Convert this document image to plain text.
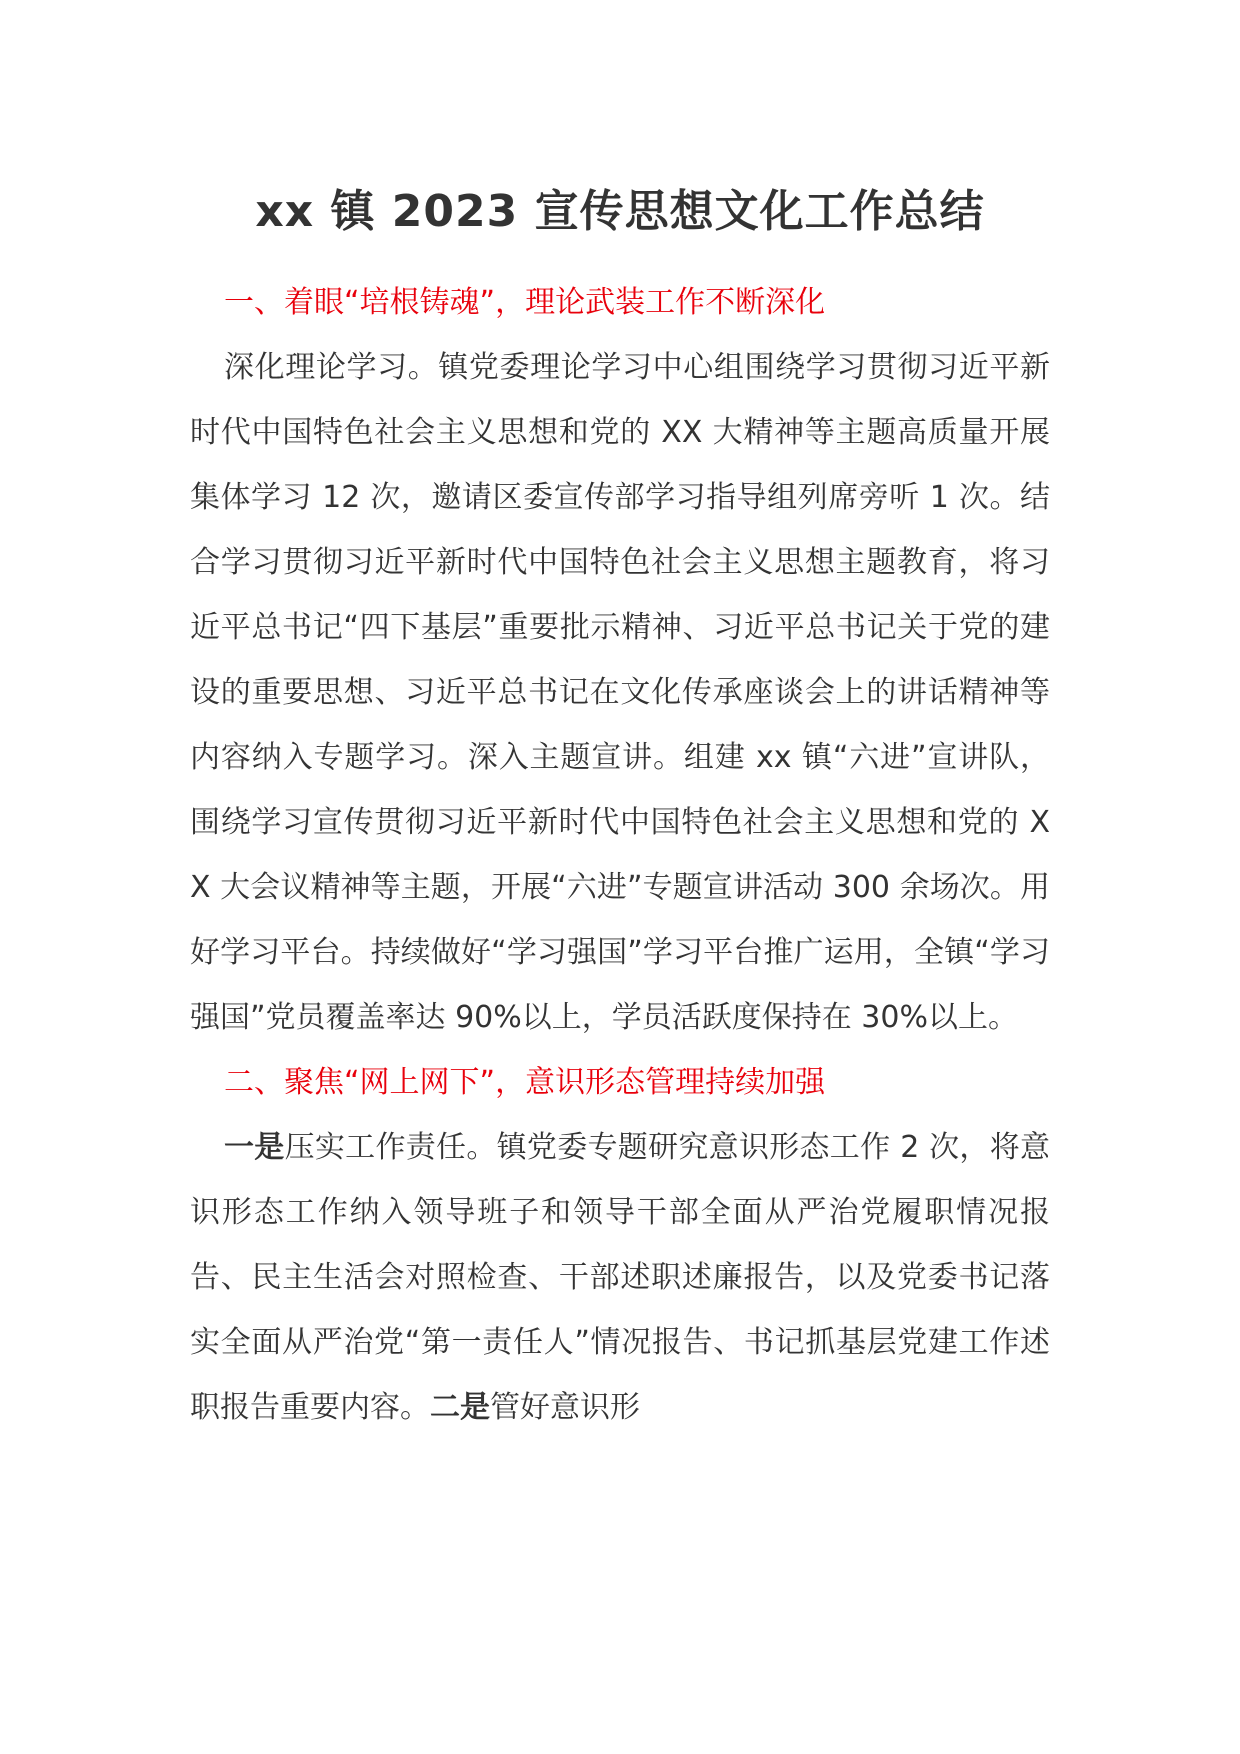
xx 镇 2023 宣传思想文化工作总结

一、着眼“培根铸魂”，理论武装工作不断深化

深化理论学习。镇党委理论学习中心组围绕学习贯彻习近平新时代中国特色社会主义思想和党的 XX 大精神等主题高质量开展集体学习 12 次，邀请区委宣传部学习指导组列席旁听 1 次。结合学习贯彻习近平新时代中国特色社会主义思想主题教育，将习近平总书记“四下基层”重要批示精神、习近平总书记关于党的建设的重要思想、习近平总书记在文化传承座谈会上的讲话精神等内容纳入专题学习。深入主题宣讲。组建 xx 镇“六进”宣讲队，围绕学习宣传贯彻习近平新时代中国特色社会主义思想和党的 XX 大会议精神等主题，开展“六进”专题宣讲活动 300 余场次。用好学习平台。持续做好“学习强国”学习平台推广运用，全镇“学习强国”党员覆盖率达 90%以上，学员活跃度保持在 30%以上。

二、聚焦“网上网下”，意识形态管理持续加强

一是压实工作责任。镇党委专题研究意识形态工作 2 次，将意识形态工作纳入领导班子和领导干部全面从严治党履职情况报告、民主生活会对照检查、干部述职述廉报告，以及党委书记落实全面从严治党“第一责任人”情况报告、书记抓基层党建工作述职报告重要内容。二是管好意识形
